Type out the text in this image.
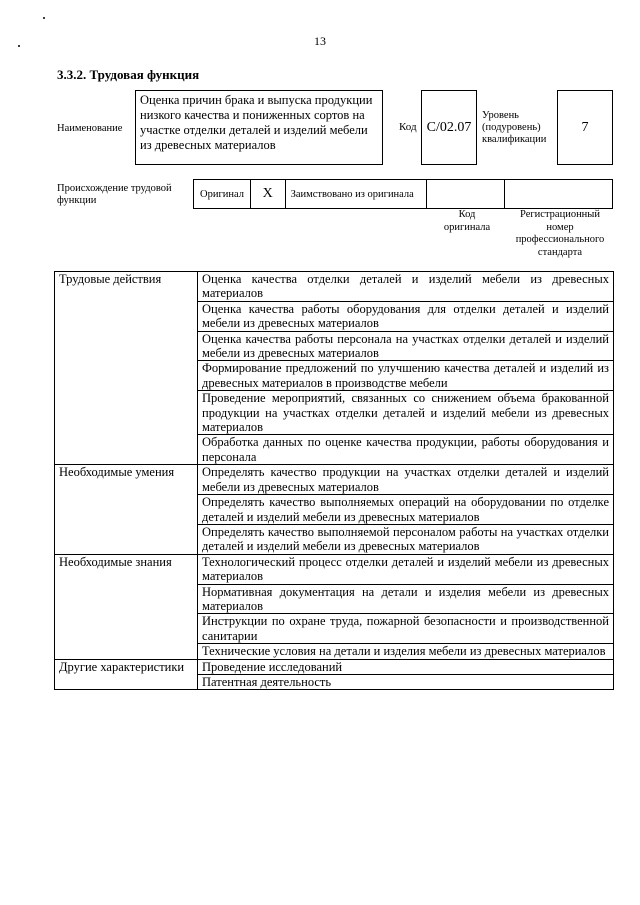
13
3.3.2. Трудовая функция
Наименование
Оценка причин брака и выпуска продукции низкого качества и пониженных сортов на участке отделки деталей и изделий мебели из древесных материалов
Код С/02.07
Уровень
(подуровень)
квалификации
7
Происхождение трудовой
функции
Оригинал	X	Заимствовано из оригинала
Код
оригинала
Регистрационный
номер
профессионального
стандарта
Трудовые действия	Оценка качества отделки деталей и изделий мебели из древесных материалов
	Оценка качества работы оборудования для отделки деталей и изделий мебели из древесных материалов
	Оценка качества работы персонала на участках отделки деталей и изделий мебели из древесных материалов
	Формирование предложений по улучшению качества деталей и изделий из древесных материалов в производстве мебели
	Проведение мероприятий, связанных со снижением объема бракованной продукции на участках отделки деталей и изделий мебели из древесных материалов
	Обработка данных по оценке качества продукции, работы оборудования и персонала
Необходимые умения	Определять качество продукции на участках отделки деталей и изделий мебели из древесных материалов
	Определять качество выполняемых операций на оборудовании по отделке деталей и изделий мебели из древесных материалов
	Определять качество выполняемой персоналом работы на участках отделки деталей и изделий мебели из древесных материалов
Необходимые знания	Технологический процесс отделки деталей и изделий мебели из древесных материалов
	Нормативная документация на детали и изделия мебели из древесных материалов
	Инструкции по охране труда, пожарной безопасности и производственной санитарии
	Технические условия на детали и изделия мебели из древесных материалов
Другие характеристики	Проведение исследований
	Патентная деятельность
